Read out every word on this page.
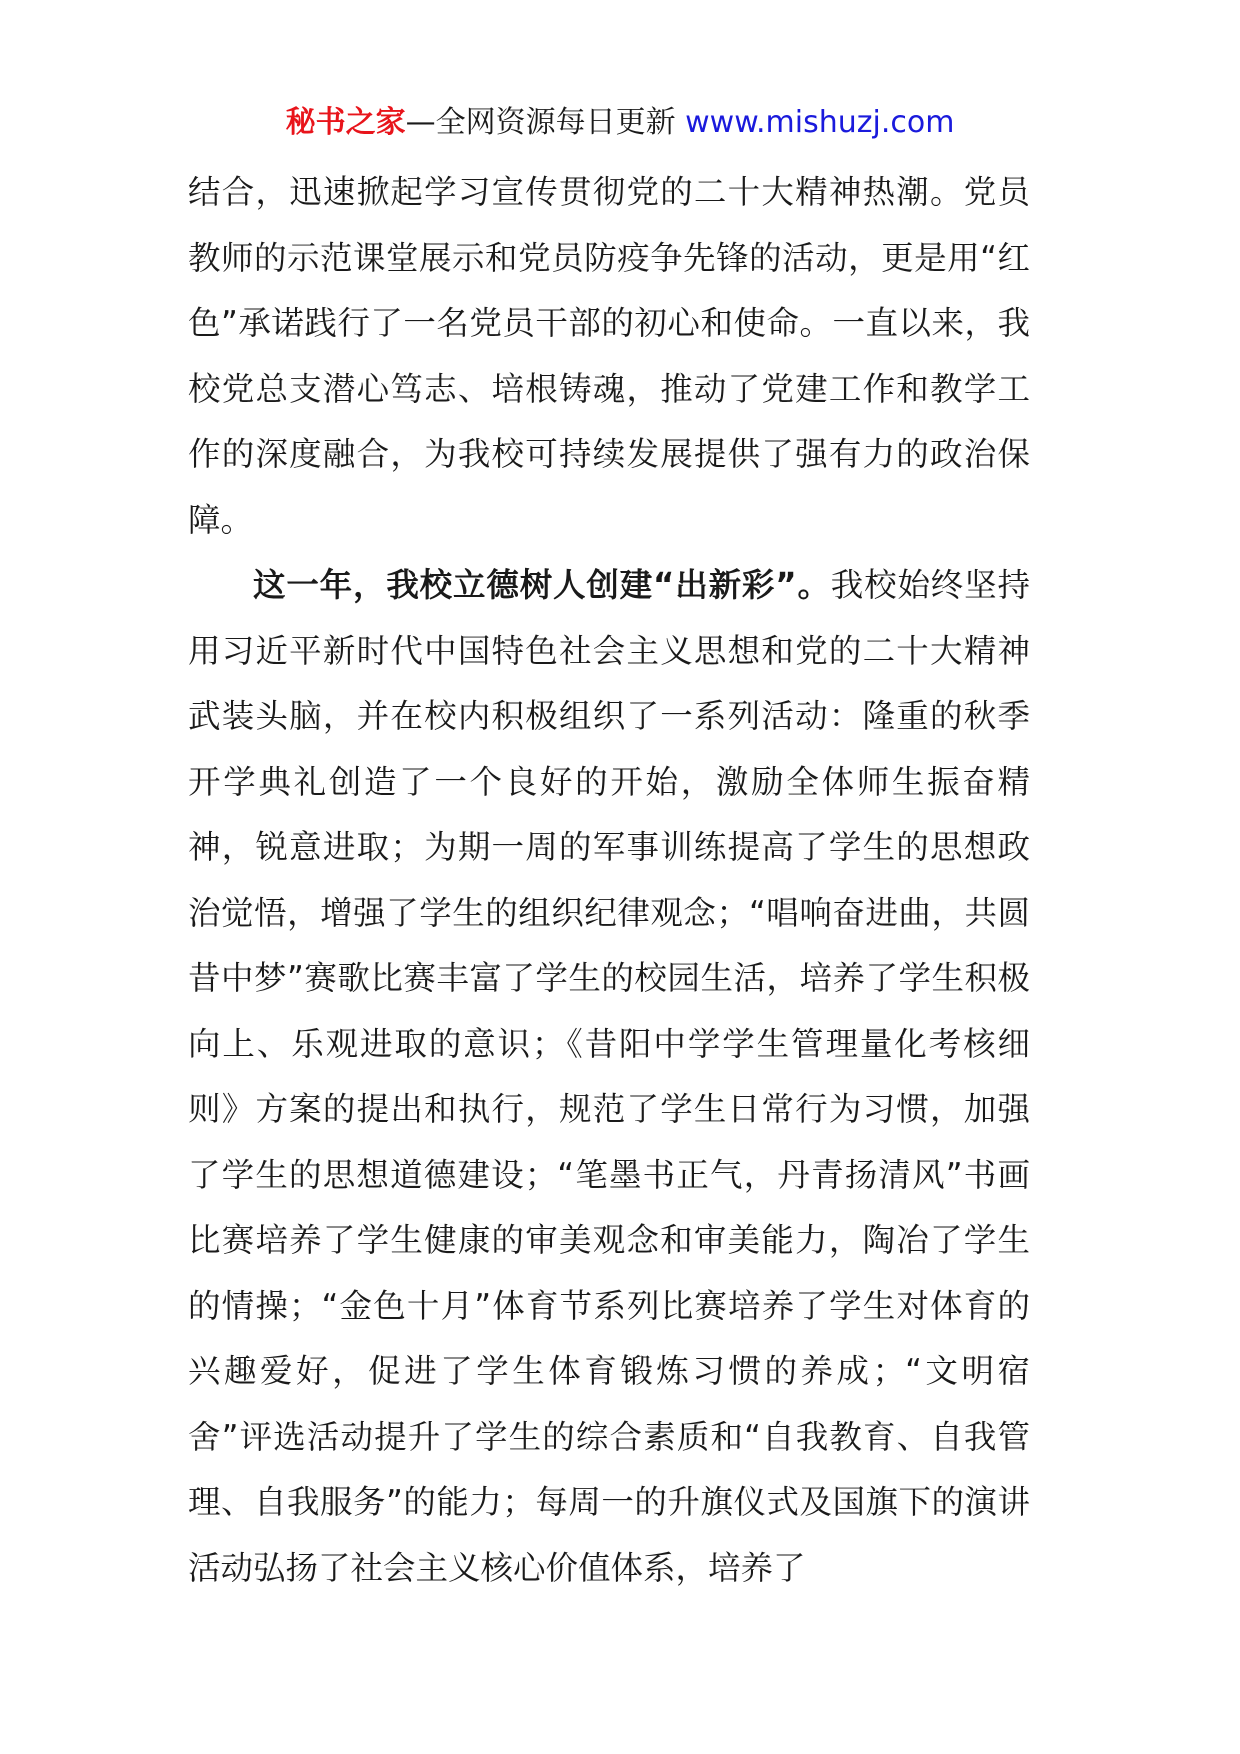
秘书之家—全网资源每日更新 www.mishuzj.com

结合，迅速掀起学习宣传贯彻党的二十大精神热潮。党员教师的示范课堂展示和党员防疫争先锋的活动，更是用“红色”承诺践行了一名党员干部的初心和使命。一直以来，我校党总支潜心笃志、培根铸魂，推动了党建工作和教学工作的深度融合，为我校可持续发展提供了强有力的政治保障。

这一年，我校立德树人创建“出新彩”。我校始终坚持用习近平新时代中国特色社会主义思想和党的二十大精神武装头脑，并在校内积极组织了一系列活动：隆重的秋季开学典礼创造了一个良好的开始，激励全体师生振奋精神，锐意进取；为期一周的军事训练提高了学生的思想政治觉悟，增强了学生的组织纪律观念；“唱响奋进曲，共圆昔中梦”赛歌比赛丰富了学生的校园生活，培养了学生积极向上、乐观进取的意识；《昔阳中学学生管理量化考核细则》方案的提出和执行，规范了学生日常行为习惯，加强了学生的思想道德建设；“笔墨书正气，丹青扬清风”书画比赛培养了学生健康的审美观念和审美能力，陶冶了学生的情操；“金色十月”体育节系列比赛培养了学生对体育的兴趣爱好，促进了学生体育锻炼习惯的养成；“文明宿舍”评选活动提升了学生的综合素质和“自我教育、自我管理、自我服务”的能力；每周一的升旗仪式及国旗下的演讲活动弘扬了社会主义核心价值体系，培养了
